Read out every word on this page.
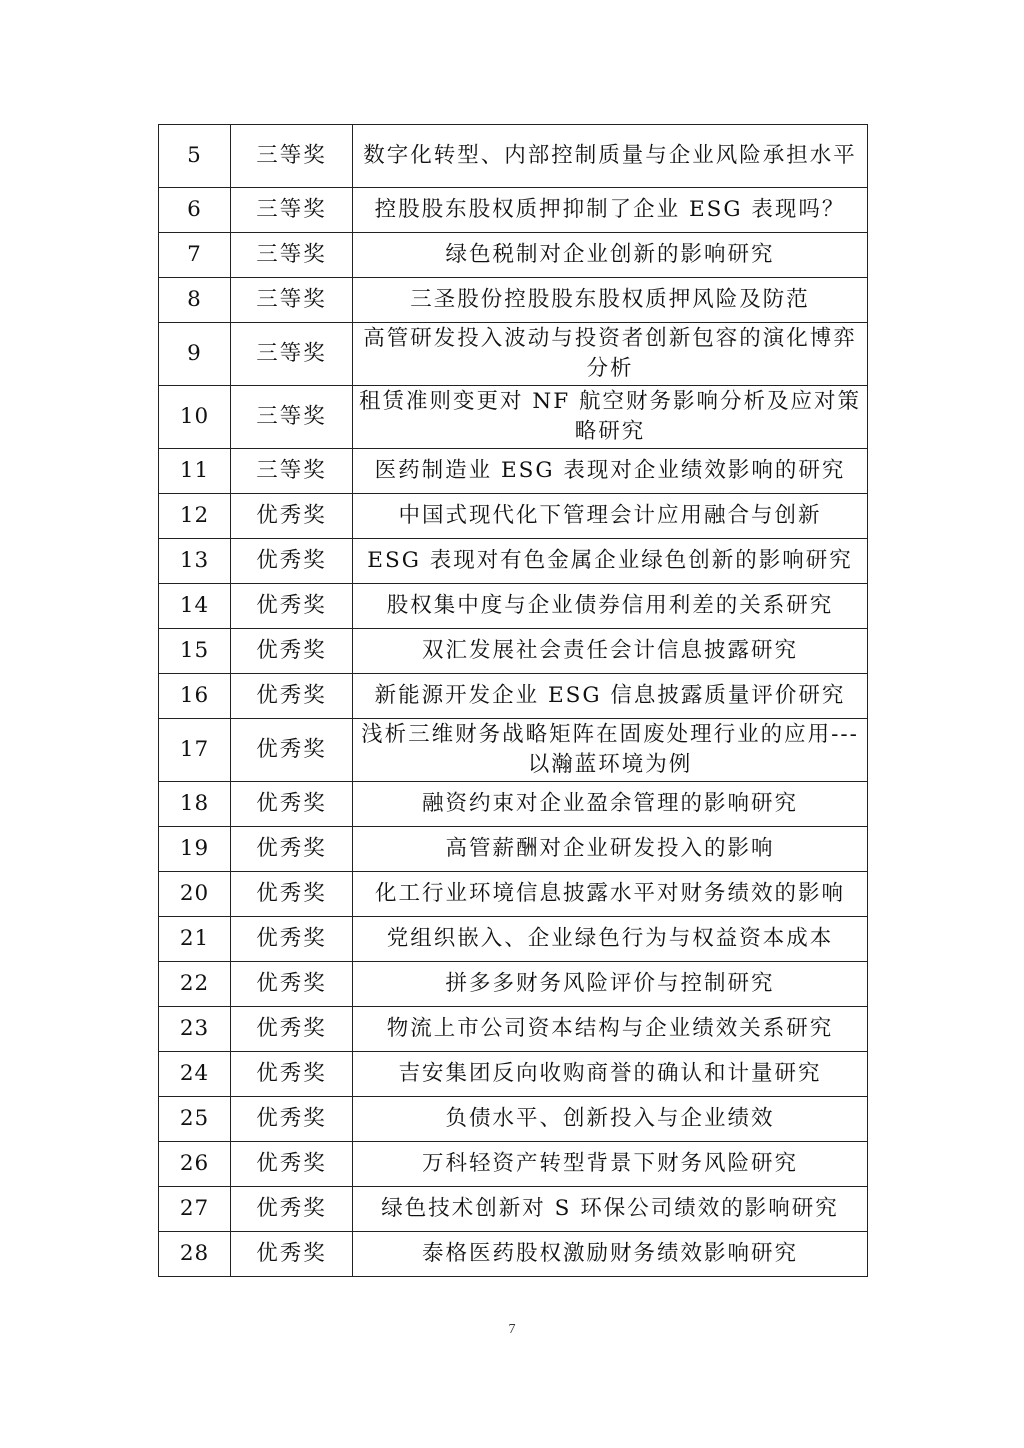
5	三等奖	数字化转型、内部控制质量与企业风险承担水平
6	三等奖	控股股东股权质押抑制了企业 ESG 表现吗？
7	三等奖	绿色税制对企业创新的影响研究
8	三等奖	三圣股份控股股东股权质押风险及防范
9	三等奖	高管研发投入波动与投资者创新包容的演化博弈分析
10	三等奖	租赁准则变更对 NF 航空财务影响分析及应对策略研究
11	三等奖	医药制造业 ESG 表现对企业绩效影响的研究
12	优秀奖	中国式现代化下管理会计应用融合与创新
13	优秀奖	ESG 表现对有色金属企业绿色创新的影响研究
14	优秀奖	股权集中度与企业债券信用利差的关系研究
15	优秀奖	双汇发展社会责任会计信息披露研究
16	优秀奖	新能源开发企业 ESG 信息披露质量评价研究
17	优秀奖	浅析三维财务战略矩阵在固废处理行业的应用---以瀚蓝环境为例
18	优秀奖	融资约束对企业盈余管理的影响研究
19	优秀奖	高管薪酬对企业研发投入的影响
20	优秀奖	化工行业环境信息披露水平对财务绩效的影响
21	优秀奖	党组织嵌入、企业绿色行为与权益资本成本
22	优秀奖	拼多多财务风险评价与控制研究
23	优秀奖	物流上市公司资本结构与企业绩效关系研究
24	优秀奖	吉安集团反向收购商誉的确认和计量研究
25	优秀奖	负债水平、创新投入与企业绩效
26	优秀奖	万科轻资产转型背景下财务风险研究
27	优秀奖	绿色技术创新对 S 环保公司绩效的影响研究
28	优秀奖	泰格医药股权激励财务绩效影响研究
7
